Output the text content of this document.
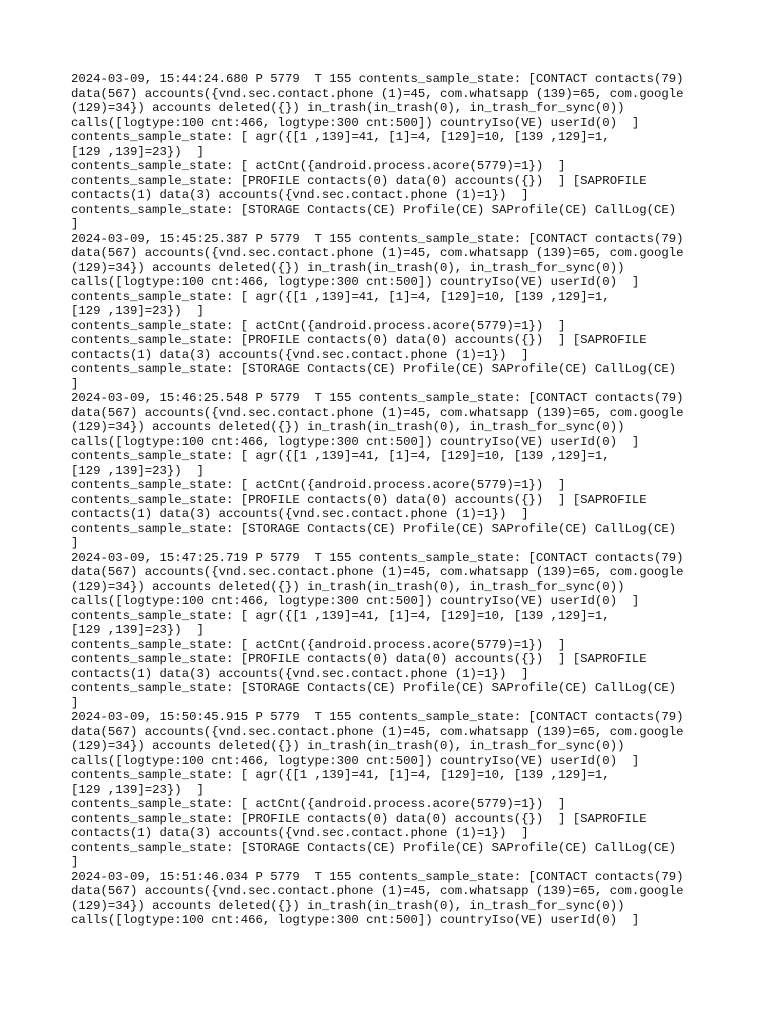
2024-03-09, 15:44:24.680 P 5779  T 155 contents_sample_state: [CONTACT contacts(79)
data(567) accounts({vnd.sec.contact.phone (1)=45, com.whatsapp (139)=65, com.google
(129)=34}) accounts deleted({}) in_trash(in_trash(0), in_trash_for_sync(0))
calls([logtype:100 cnt:466, logtype:300 cnt:500]) countryIso(VE) userId(0)  ]
contents_sample_state: [ agr({[1 ,139]=41, [1]=4, [129]=10, [139 ,129]=1,
[129 ,139]=23})  ]
contents_sample_state: [ actCnt({android.process.acore(5779)=1})  ]
contents_sample_state: [PROFILE contacts(0) data(0) accounts({})  ] [SAPROFILE
contacts(1) data(3) accounts({vnd.sec.contact.phone (1)=1})  ]
contents_sample_state: [STORAGE Contacts(CE) Profile(CE) SAProfile(CE) CallLog(CE)
]
2024-03-09, 15:45:25.387 P 5779  T 155 contents_sample_state: [CONTACT contacts(79)
data(567) accounts({vnd.sec.contact.phone (1)=45, com.whatsapp (139)=65, com.google
(129)=34}) accounts deleted({}) in_trash(in_trash(0), in_trash_for_sync(0))
calls([logtype:100 cnt:466, logtype:300 cnt:500]) countryIso(VE) userId(0)  ]
contents_sample_state: [ agr({[1 ,139]=41, [1]=4, [129]=10, [139 ,129]=1,
[129 ,139]=23})  ]
contents_sample_state: [ actCnt({android.process.acore(5779)=1})  ]
contents_sample_state: [PROFILE contacts(0) data(0) accounts({})  ] [SAPROFILE
contacts(1) data(3) accounts({vnd.sec.contact.phone (1)=1})  ]
contents_sample_state: [STORAGE Contacts(CE) Profile(CE) SAProfile(CE) CallLog(CE)
]
2024-03-09, 15:46:25.548 P 5779  T 155 contents_sample_state: [CONTACT contacts(79)
data(567) accounts({vnd.sec.contact.phone (1)=45, com.whatsapp (139)=65, com.google
(129)=34}) accounts deleted({}) in_trash(in_trash(0), in_trash_for_sync(0))
calls([logtype:100 cnt:466, logtype:300 cnt:500]) countryIso(VE) userId(0)  ]
contents_sample_state: [ agr({[1 ,139]=41, [1]=4, [129]=10, [139 ,129]=1,
[129 ,139]=23})  ]
contents_sample_state: [ actCnt({android.process.acore(5779)=1})  ]
contents_sample_state: [PROFILE contacts(0) data(0) accounts({})  ] [SAPROFILE
contacts(1) data(3) accounts({vnd.sec.contact.phone (1)=1})  ]
contents_sample_state: [STORAGE Contacts(CE) Profile(CE) SAProfile(CE) CallLog(CE)
]
2024-03-09, 15:47:25.719 P 5779  T 155 contents_sample_state: [CONTACT contacts(79)
data(567) accounts({vnd.sec.contact.phone (1)=45, com.whatsapp (139)=65, com.google
(129)=34}) accounts deleted({}) in_trash(in_trash(0), in_trash_for_sync(0))
calls([logtype:100 cnt:466, logtype:300 cnt:500]) countryIso(VE) userId(0)  ]
contents_sample_state: [ agr({[1 ,139]=41, [1]=4, [129]=10, [139 ,129]=1,
[129 ,139]=23})  ]
contents_sample_state: [ actCnt({android.process.acore(5779)=1})  ]
contents_sample_state: [PROFILE contacts(0) data(0) accounts({})  ] [SAPROFILE
contacts(1) data(3) accounts({vnd.sec.contact.phone (1)=1})  ]
contents_sample_state: [STORAGE Contacts(CE) Profile(CE) SAProfile(CE) CallLog(CE)
]
2024-03-09, 15:50:45.915 P 5779  T 155 contents_sample_state: [CONTACT contacts(79)
data(567) accounts({vnd.sec.contact.phone (1)=45, com.whatsapp (139)=65, com.google
(129)=34}) accounts deleted({}) in_trash(in_trash(0), in_trash_for_sync(0))
calls([logtype:100 cnt:466, logtype:300 cnt:500]) countryIso(VE) userId(0)  ]
contents_sample_state: [ agr({[1 ,139]=41, [1]=4, [129]=10, [139 ,129]=1,
[129 ,139]=23})  ]
contents_sample_state: [ actCnt({android.process.acore(5779)=1})  ]
contents_sample_state: [PROFILE contacts(0) data(0) accounts({})  ] [SAPROFILE
contacts(1) data(3) accounts({vnd.sec.contact.phone (1)=1})  ]
contents_sample_state: [STORAGE Contacts(CE) Profile(CE) SAProfile(CE) CallLog(CE)
]
2024-03-09, 15:51:46.034 P 5779  T 155 contents_sample_state: [CONTACT contacts(79)
data(567) accounts({vnd.sec.contact.phone (1)=45, com.whatsapp (139)=65, com.google
(129)=34}) accounts deleted({}) in_trash(in_trash(0), in_trash_for_sync(0))
calls([logtype:100 cnt:466, logtype:300 cnt:500]) countryIso(VE) userId(0)  ]
